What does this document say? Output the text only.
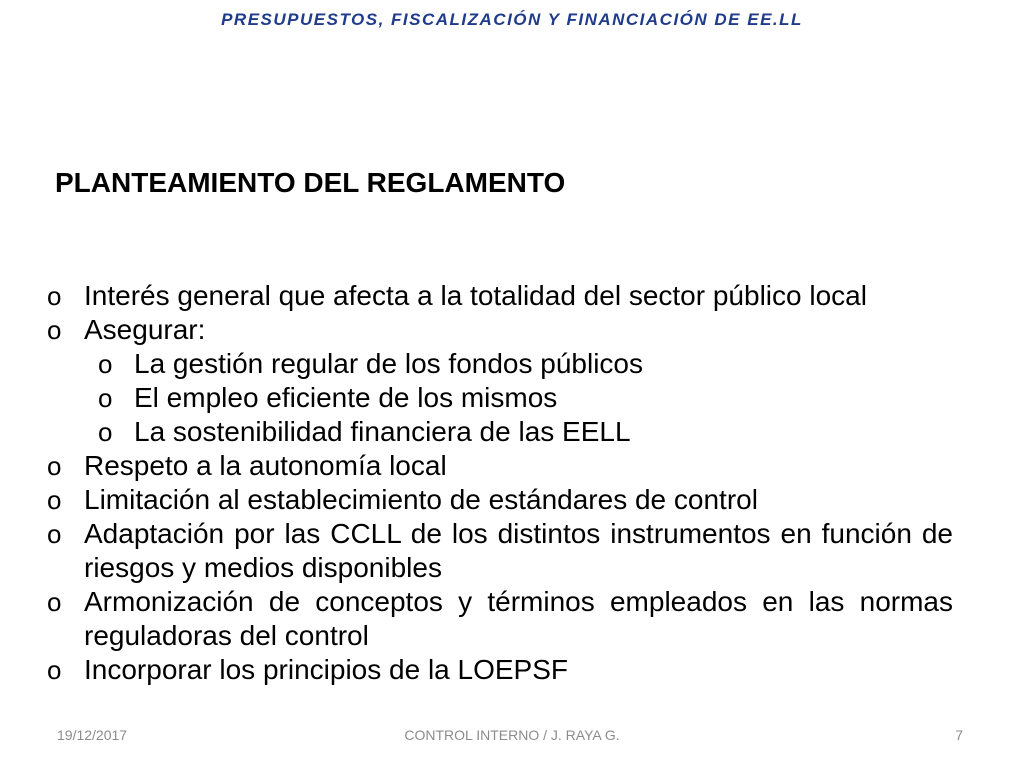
PRESUPUESTOS, FISCALIZACIÓN Y FINANCIACIÓN DE EE.LL
PLANTEAMIENTO DEL REGLAMENTO
o Interés general que afecta a la totalidad del sector público local
o Asegurar:
o La gestión regular de los fondos públicos
o El empleo eficiente de los mismos
o La sostenibilidad financiera de las EELL
o Respeto a la autonomía local
o Limitación al establecimiento de estándares de control
o Adaptación por las CCLL de los distintos instrumentos en función de riesgos y medios disponibles
o Armonización de conceptos y términos empleados en las normas reguladoras del control
o Incorporar los principios de la LOEPSF
19/12/2017	CONTROL INTERNO / J. RAYA G.	7
